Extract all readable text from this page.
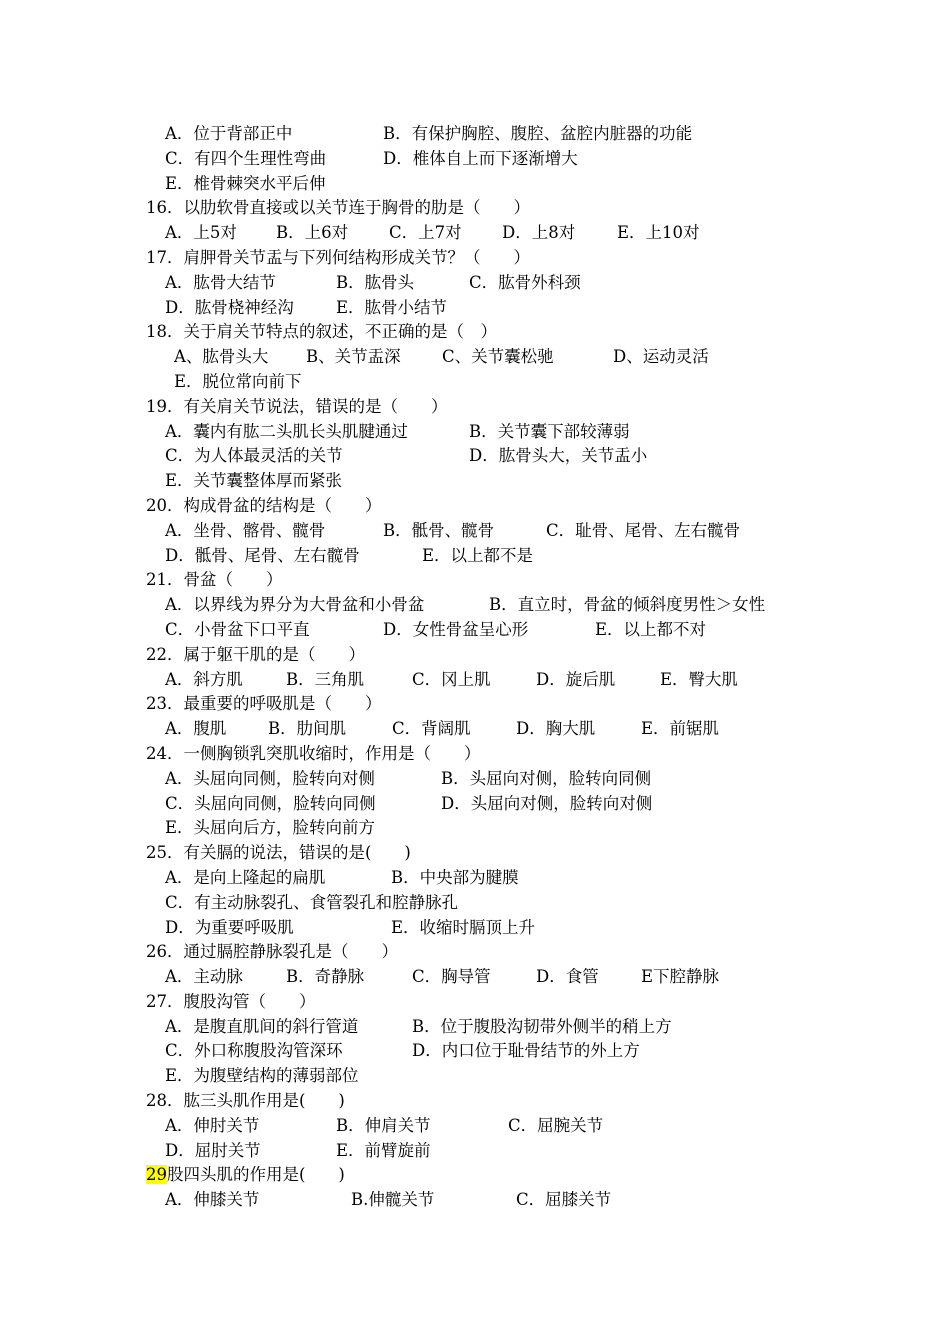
A．位于背部正中	B．有保护胸腔、腹腔、盆腔内脏器的功能
C．有四个生理性弯曲	D．椎体自上而下逐渐增大
E．椎骨棘突水平后伸
16．以肋软骨直接或以关节连于胸骨的肋是（　　）
A．上5对 B．上6对 C．上7对 D．上8对	E．上10对
17．肩胛骨关节盂与下列何结构形成关节？（　　）
A．肱骨大结节	B．肱骨头	C．肱骨外科颈
D．肱骨桡神经沟	E．肱骨小结节
18．关于肩关节特点的叙述，不正确的是（　）
A、肱骨头大 B、关节盂深	C、关节囊松驰	D、运动灵活
E．脱位常向前下
19．有关肩关节说法，错误的是（　　）
A．囊内有肱二头肌长头肌腱通过	B．关节囊下部较薄弱
C．为人体最灵活的关节	D．肱骨头大，关节盂小
E．关节囊整体厚而紧张
20．构成骨盆的结构是（　　）
A．坐骨、髂骨、髋骨	B．骶骨、髋骨	C．耻骨、尾骨、左右髋骨
D．骶骨、尾骨、左右髋骨	E．以上都不是
21．骨盆（　　）
A．以界线为界分为大骨盆和小骨盆	B．直立时，骨盆的倾斜度男性＞女性
C．小骨盆下口平直	D．女性骨盆呈心形	E．以上都不对
22．属于躯干肌的是（　　）
A．斜方肌	B．三角肌	C．冈上肌	D．旋后肌	E．臀大肌
23．最重要的呼吸肌是（　　）
A．腹肌	B．肋间肌	C．背阔肌	D．胸大肌	E．前锯肌
24．一侧胸锁乳突肌收缩时，作用是（　　）
A．头屈向同侧，脸转向对侧	B．头屈向对侧，脸转向同侧
C．头屈向同侧，脸转向同侧	D．头屈向对侧，脸转向对侧
E．头屈向后方，脸转向前方
25．有关膈的说法，错误的是(　　)
A．是向上隆起的扁肌	B．中央部为腱膜
C．有主动脉裂孔、食管裂孔和腔静脉孔
D．为重要呼吸肌	E．收缩时膈顶上升
26．通过膈腔静脉裂孔是（　　）
A．主动脉	B．奇静脉	C．胸导管	D．食管	E下腔静脉
27．腹股沟管（　　）
A．是腹直肌间的斜行管道	B．位于腹股沟韧带外侧半的稍上方
C．外口称腹股沟管深环	D．内口位于耻骨结节的外上方
E．为腹壁结构的薄弱部位
28．肱三头肌作用是(　　)
A．伸肘关节	B．伸肩关节	C．屈腕关节
D．屈肘关节	E．前臂旋前
29股四头肌的作用是(　　)
A．伸膝关节	B.伸髋关节	C．屈膝关节
